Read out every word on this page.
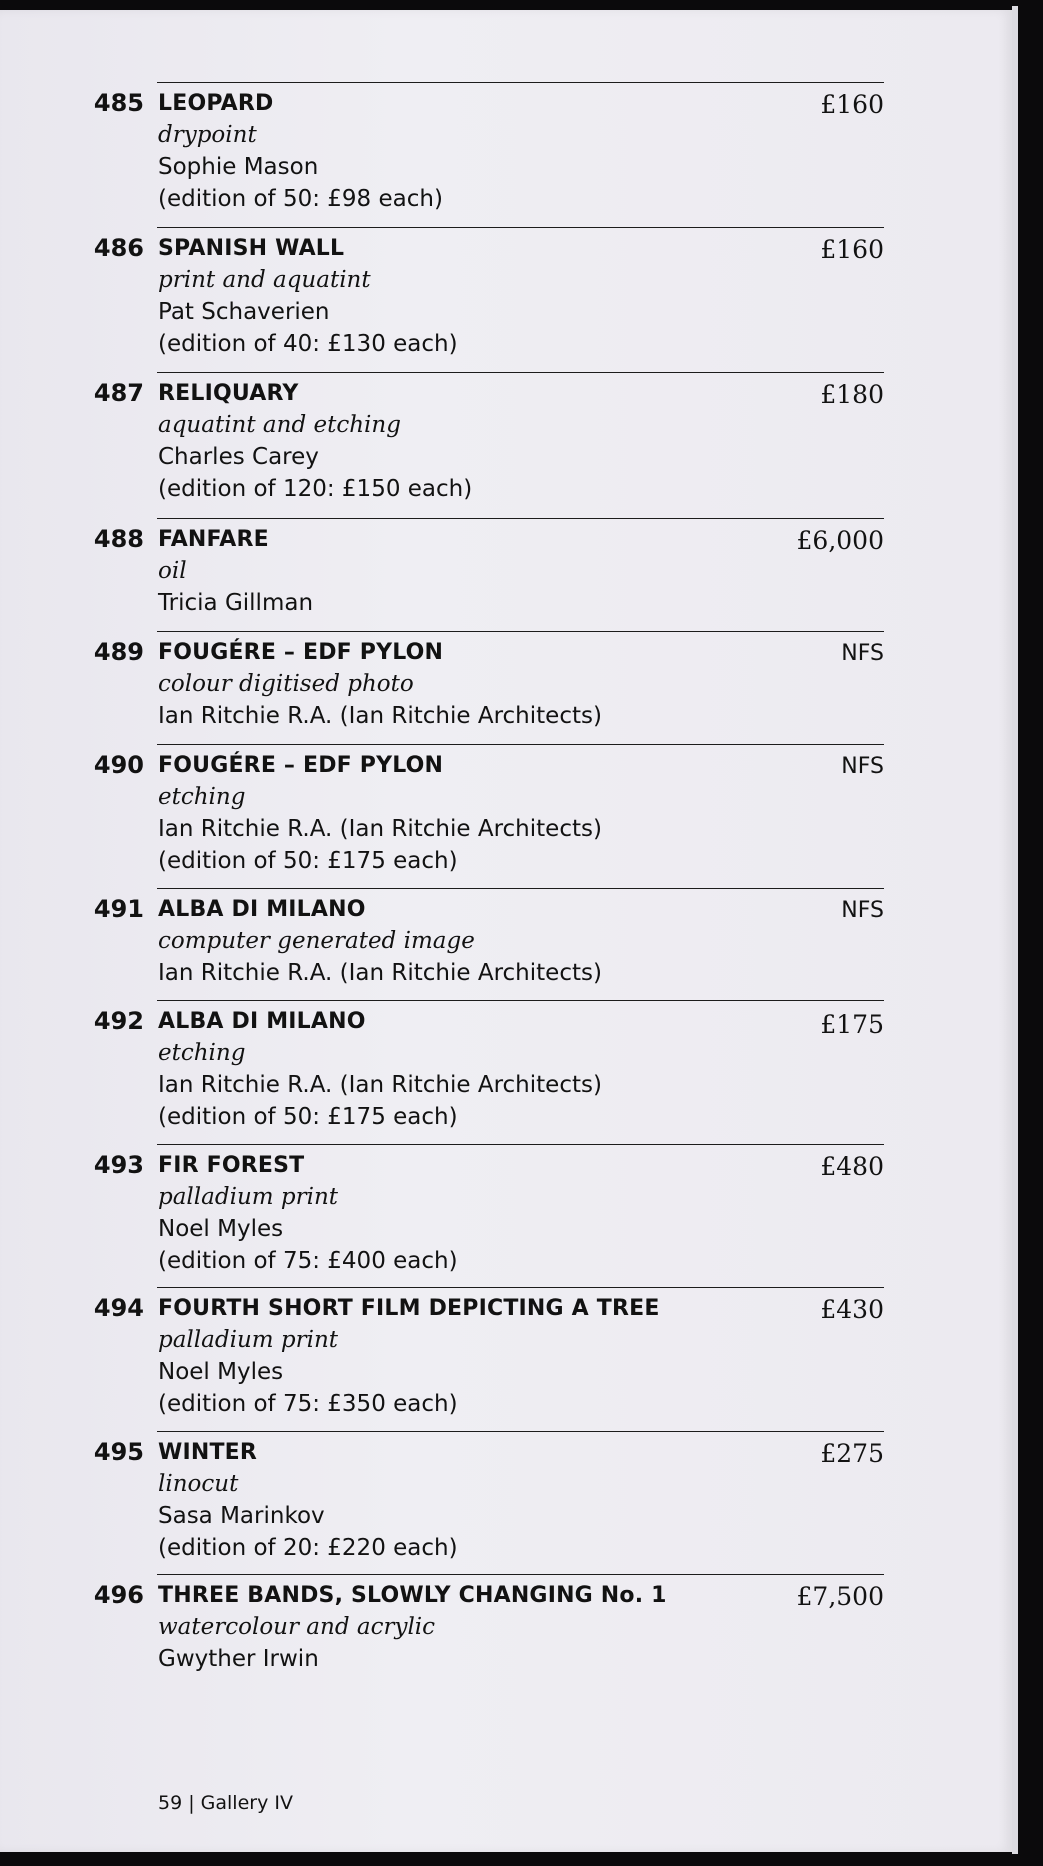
485 LEOPARD	£160
drypoint
Sophie Mason
(edition of 50: £98 each)
486 SPANISH WALL	£160
print and aquatint
Pat Schaverien
(edition of 40: £130 each)
487 RELIQUARY	£180
aquatint and etching
Charles Carey
(edition of 120: £150 each)
488 FANFARE	£6,000
oil
Tricia Gillman
489 FOUGÉRE – EDF PYLON	NFS
colour digitised photo
Ian Ritchie R.A. (Ian Ritchie Architects)
490 FOUGÉRE – EDF PYLON	NFS
etching
Ian Ritchie R.A. (Ian Ritchie Architects)
(edition of 50: £175 each)
491 ALBA DI MILANO	NFS
computer generated image
Ian Ritchie R.A. (Ian Ritchie Architects)
492 ALBA DI MILANO	£175
etching
Ian Ritchie R.A. (Ian Ritchie Architects)
(edition of 50: £175 each)
493 FIR FOREST	£480
palladium print
Noel Myles
(edition of 75: £400 each)
494 FOURTH SHORT FILM DEPICTING A TREE	£430
palladium print
Noel Myles
(edition of 75: £350 each)
495 WINTER	£275
linocut
Sasa Marinkov
(edition of 20: £220 each)
496 THREE BANDS, SLOWLY CHANGING No. 1	£7,500
watercolour and acrylic
Gwyther Irwin
59 | Gallery IV
